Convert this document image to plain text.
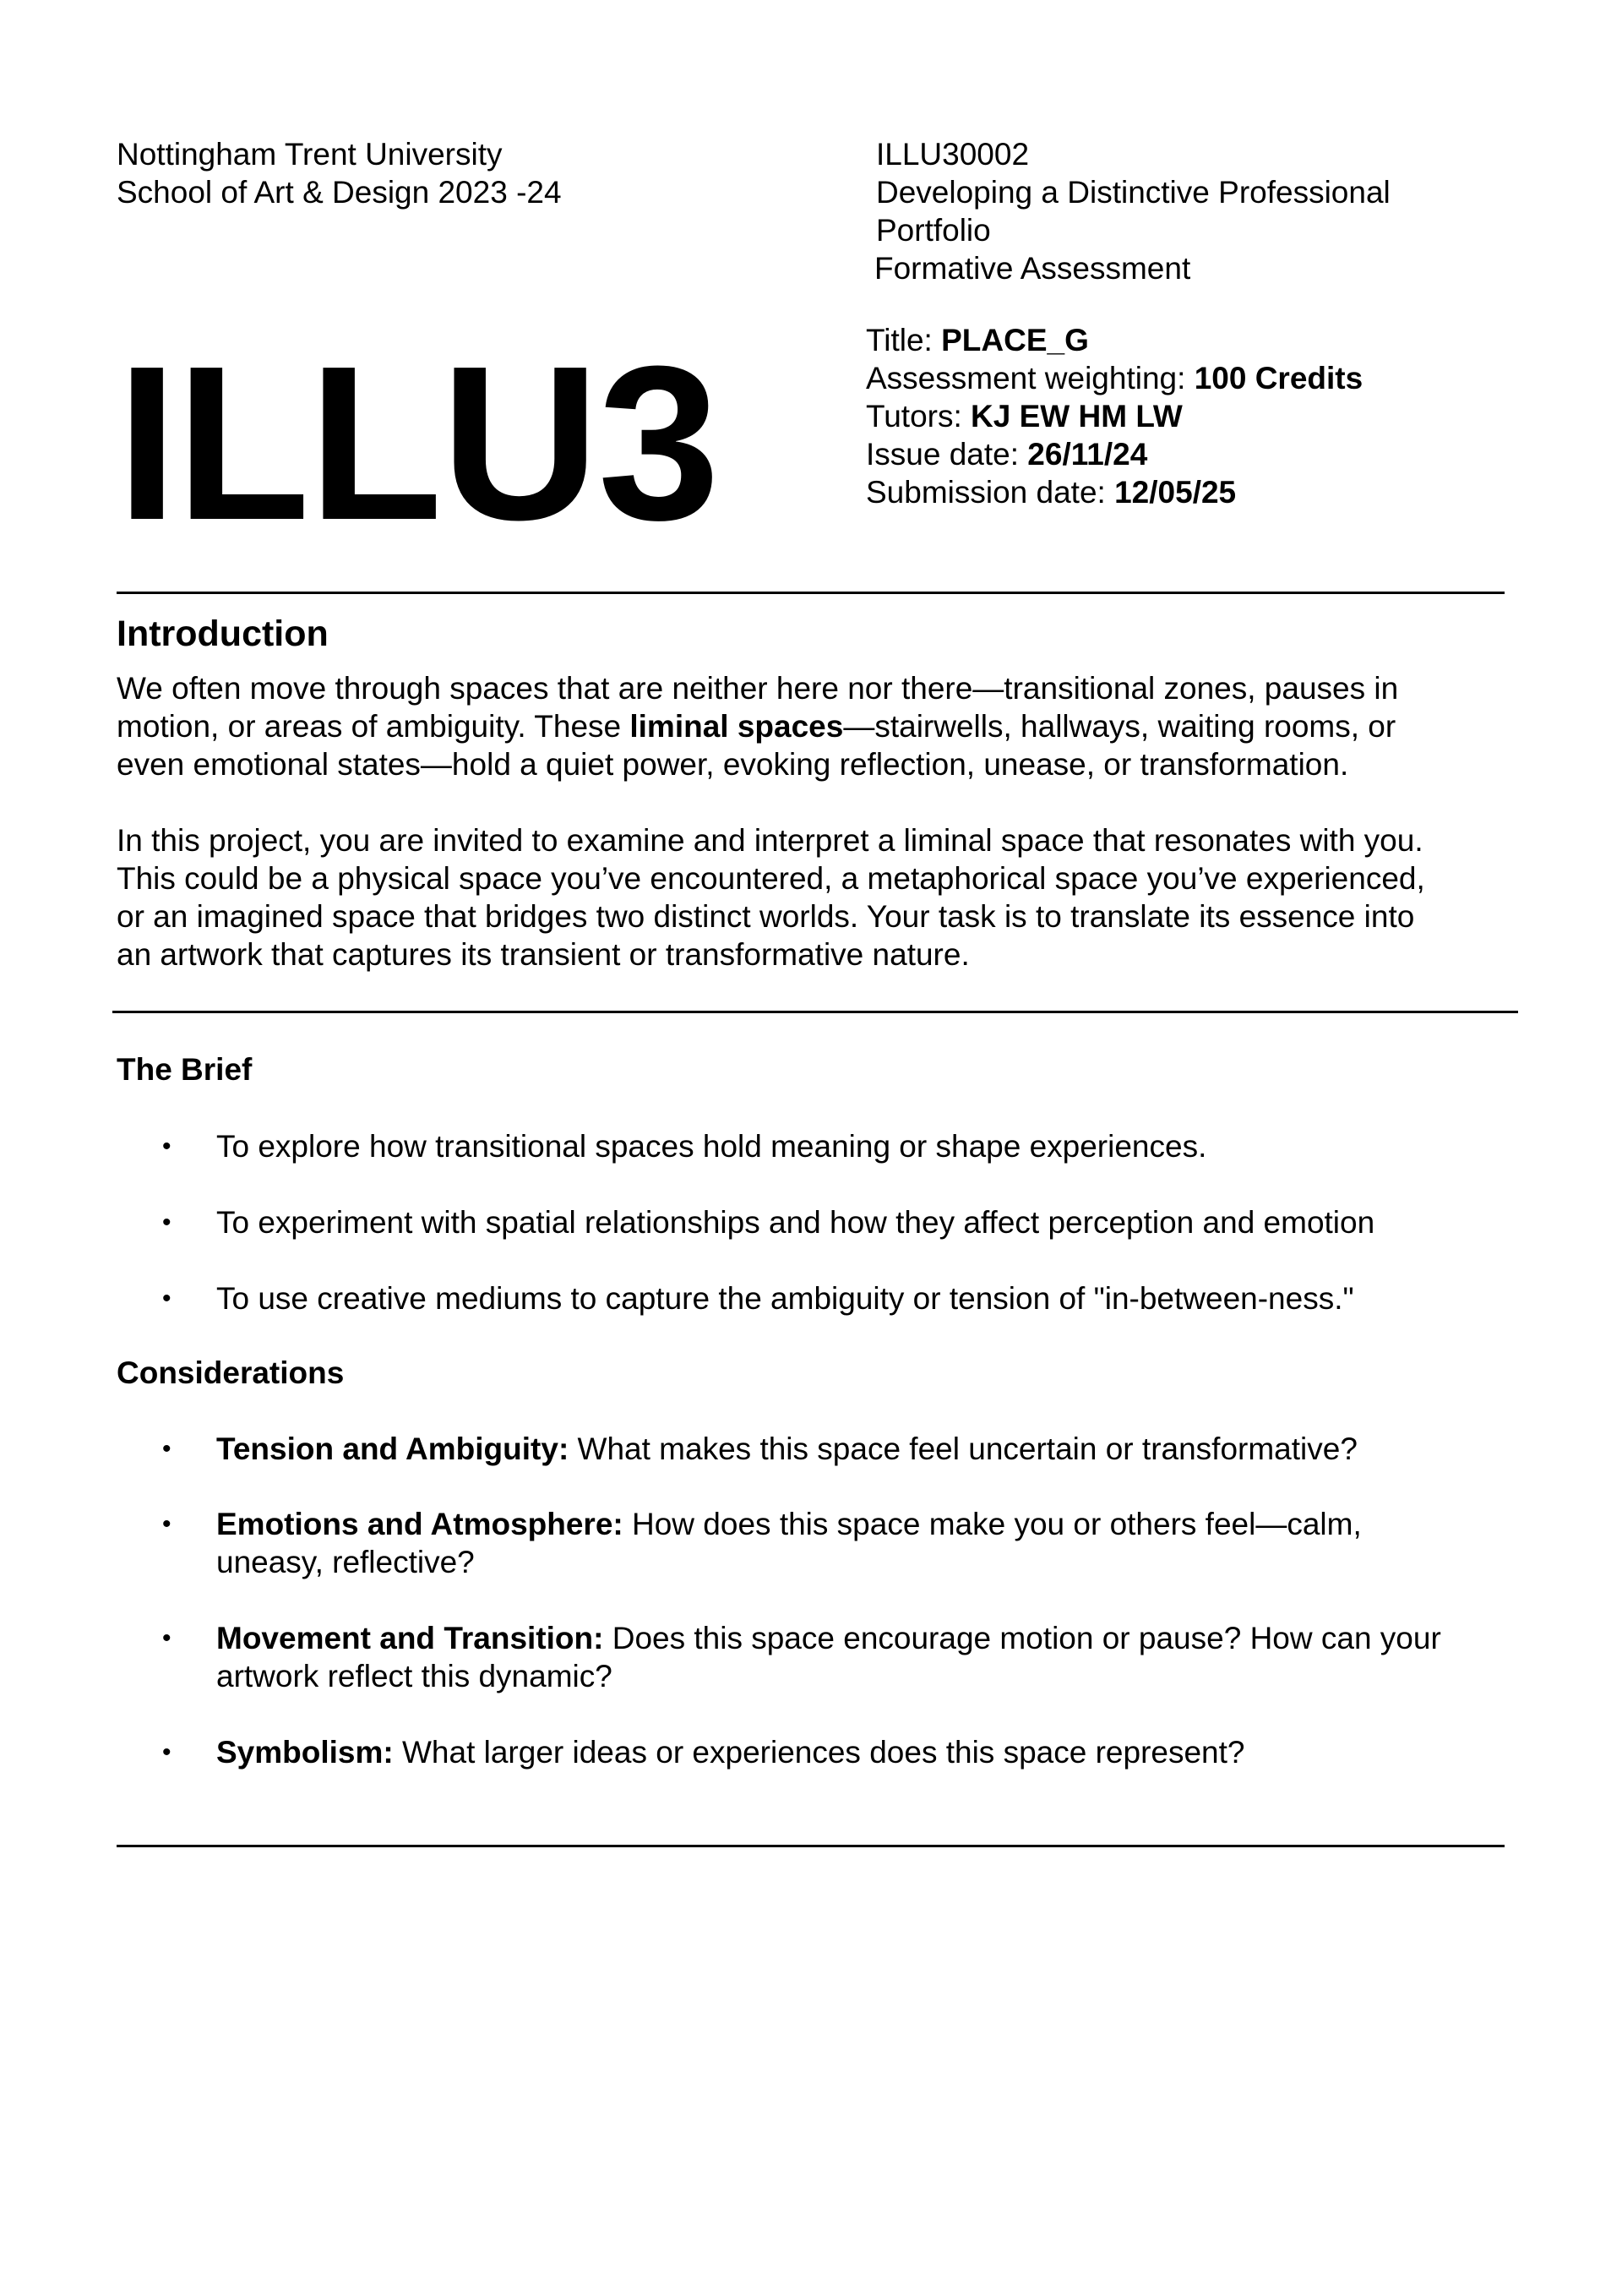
Nottingham Trent University
School of Art & Design 2023 -24
ILLU30002
Developing a Distinctive Professional
Portfolio
Formative Assessment
ILLU3	Title: PLACE_G
Assessment weighting: 100 Credits
Tutors: KJ EW HM LW
Issue date: 26/11/24
Submission date: 12/05/25
Introduction
We often move through spaces that are neither here nor there—transitional zones, pauses in
motion, or areas of ambiguity. These liminal spaces—stairwells, hallways, waiting rooms, or
even emotional states—hold a quiet power, evoking reflection, unease, or transformation.
In this project, you are invited to examine and interpret a liminal space that resonates with you.
This could be a physical space you’ve encountered, a metaphorical space you’ve experienced,
or an imagined space that bridges two distinct worlds. Your task is to translate its essence into
an artwork that captures its transient or transformative nature.
The Brief
• To explore how transitional spaces hold meaning or shape experiences.
• To experiment with spatial relationships and how they affect perception and emotion
• To use creative mediums to capture the ambiguity or tension of "in-between-ness."
Considerations
• Tension and Ambiguity: What makes this space feel uncertain or transformative?
• Emotions and Atmosphere: How does this space make you or others feel—calm,
uneasy, reflective?
• Movement and Transition: Does this space encourage motion or pause? How can your
artwork reflect this dynamic?
• Symbolism: What larger ideas or experiences does this space represent?
